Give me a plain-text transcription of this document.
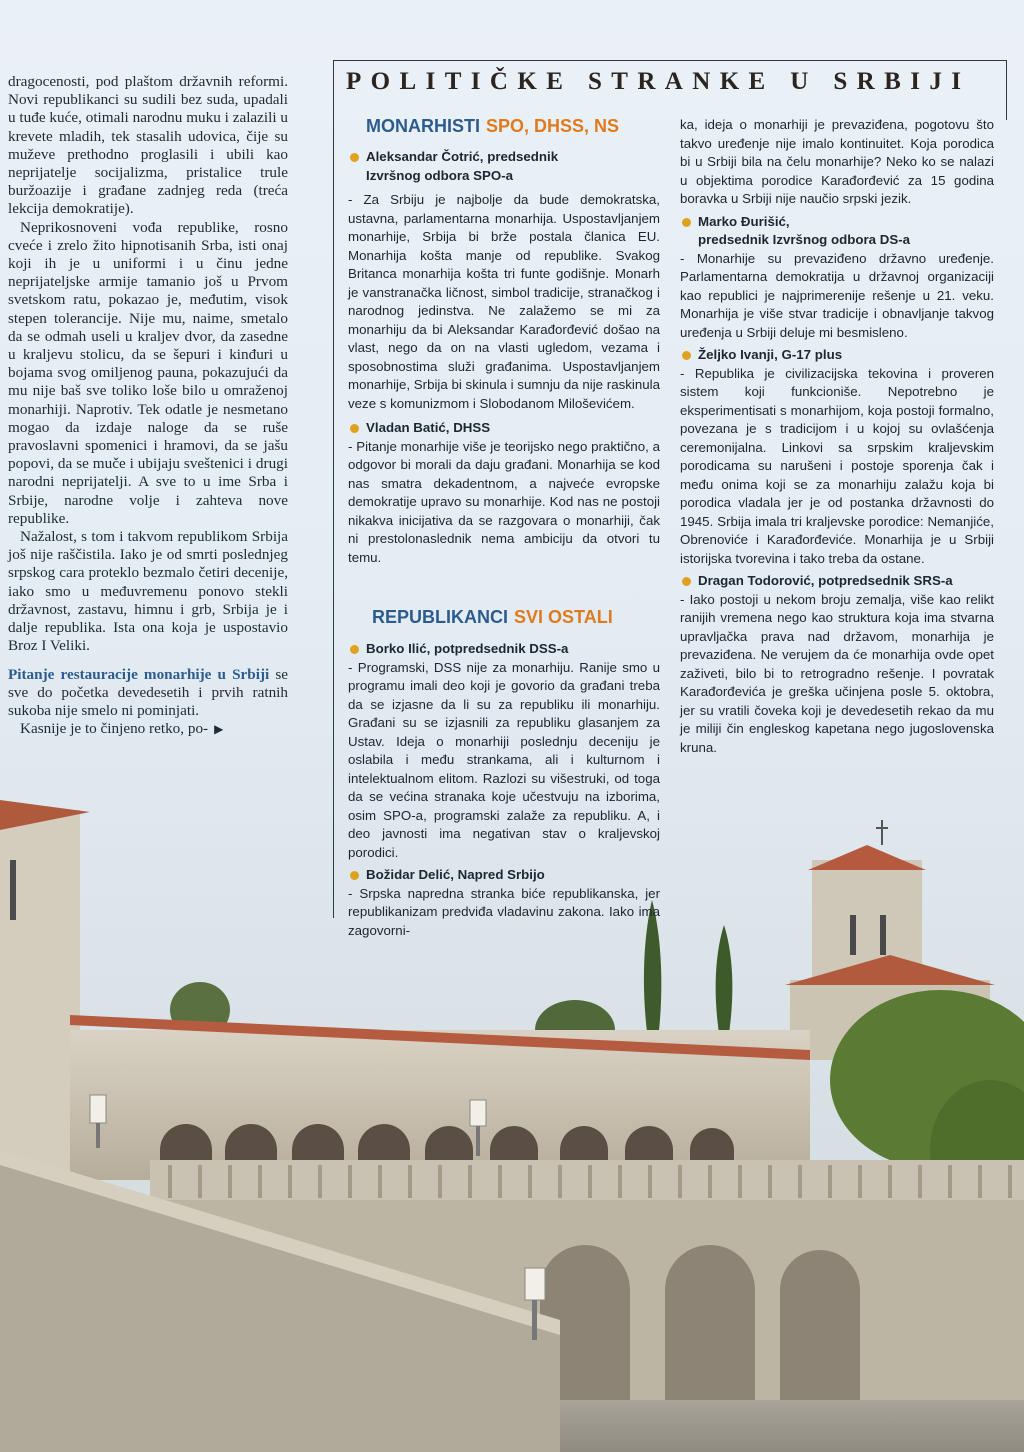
dragocenosti, pod plaštom državnih reformi. Novi republikanci su sudili bez suda, upadali u tuđe kuće, otimali narodnu muku i zalazili u krevete mladih, tek stasalih udovica, čije su muževe prethodno proglasili i ubili kao neprijatelje socijalizma, pristalice trule buržoazije i građane zadnjeg reda (treća lekcija demokratije).

Neprikosnoveni vođa republike, rosno cveće i zrelo žito hipnotisanih Srba, isti onaj koji ih je u uniformi i u činu jedne neprijateljske armije tamanio još u Prvom svetskom ratu, pokazao je, međutim, visok stepen tolerancije. Nije mu, naime, smetalo da se odmah useli u kraljev dvor, da zasedne u kraljevu stolicu, da se šepuri i kinđuri u bojama svog omiljenog pauna, pokazujući da mu nije baš sve toliko loše bilo u omraženoj monarhiji. Naprotiv. Tek odatle je nesmetano mogao da izdaje naloge da se ruše pravoslavni spomenici i hramovi, da se jašu popovi, da se muče i ubijaju sveštenici i drugi narodni neprijatelji. A sve to u ime Srba i Srbije, narodne volje i zahteva nove republike.

Nažalost, s tom i takvom republikom Srbija još nije raščistila. Iako je od smrti poslednjeg srpskog cara proteklo bezmalo četiri decenije, iako smo u međuvremenu ponovo stekli državnost, zastavu, himnu i grb, Srbija je i dalje republika. Ista ona koja je uspostavio Broz I Veliki.

Pitanje restauracije monarhije u Srbiji se sve do početka devedesetih i prvih ratnih sukoba nije smelo ni pominjati.

Kasnije je to činjeno retko, po- ▶

POLITIČKE STRANKE U SRBIJI
MONARHISTI SPO, DHSS, NS

Aleksandar Čotrić, predsednik
Izvršnog odbora SPO-a

- Za Srbiju je najbolje da bude demokratska, ustavna, parlamentarna monarhija. Uspostavljanjem monarhije, Srbija bi brže postala članica EU. Monarhija košta manje od republike. Svakog Britanca monarhija košta tri funte godišnje. Monarh je vanstranačka ličnost, simbol tradicije, stranačkog i narodnog jedinstva. Ne zalažemo se mi za monarhiju da bi Aleksandar Karađorđević došao na vlast, nego da on na vlasti ugledom, vezama i sposobnostima služi građanima. Uspostavljanjem monarhije, Srbija bi skinula i sumnju da nije raskinula veze s komunizmom i Slobodanom Miloševićem.

Vladan Batić, DHSS

- Pitanje monarhije više je teorijsko nego praktično, a odgovor bi morali da daju građani. Monarhija se kod nas smatra dekadentnom, a najveće evropske demokratije upravo su monarhije. Kod nas ne postoji nikakva inicijativa da se razgovara o monarhiji, čak ni prestolonaslednik nema ambiciju da otvori tu temu.

REPUBLIKANCI SVI OSTALI

Borko Ilić, potpredsednik DSS-a

- Programski, DSS nije za monarhiju. Ranije smo u programu imali deo koji je govorio da građani treba da se izjasne da li su za republiku ili monarhiju. Građani su se izjasnili za republiku glasanjem za Ustav. Ideja o monarhiji poslednju deceniju je oslabila i među strankama, ali i kulturnom i intelektualnom elitom. Razlozi su višestruki, od toga da se većina stranaka koje učestvuju na izborima, osim SPO-a, programski zalaže za republiku. A, i deo javnosti ima negativan stav o kraljevskoj porodici.

Božidar Delić, Napred Srbijo

- Srpska napredna stranka biće republikanska, jer republikanizam predviđa vladavinu zakona. Iako ima zagovorni-

ka, ideja o monarhiji je prevaziđena, pogotovu što takvo uređenje nije imalo kontinuitet. Koja porodica bi u Srbiji bila na čelu monarhije? Neko ko se nalazi u objektima porodice Karađorđević za 15 godina boravka u Srbiji nije naučio srpski jezik.

Marko Đurišić,
predsednik Izvršnog odbora DS-a

- Monarhije su prevaziđeno državno uređenje. Parlamentarna demokratija u državnoj organizaciji kao republici je najprimerenije rešenje u 21. veku. Monarhija je više stvar tradicije i obnavljanje takvog uređenja u Srbiji deluje mi besmisleno.

Željko Ivanji, G-17 plus

- Republika je civilizacijska tekovina i proveren sistem koji funkcioniše. Nepotrebno je eksperimentisati s monarhijom, koja postoji formalno, povezana je s tradicijom i u kojoj su ovlašćenja ceremonijalna. Linkovi sa srpskim kraljevskim porodicama su narušeni i postoje sporenja čak i među onima koji se za monarhiju zalažu koja bi porodica vladala jer je od postanka državnosti do 1945. Srbija imala tri kraljevske porodice: Nemanjiće, Obrenoviće i Karađorđeviće. Monarhija je u Srbiji istorijska tvorevina i tako treba da ostane.

Dragan Todorović, potpredsednik SRS-a

- Iako postoji u nekom broju zemalja, više kao relikt ranijih vremena nego kao struktura koja ima stvarna upravljačka prava nad državom, monarhija je prevaziđena. Ne verujem da će monarhija ovde opet zaživeti, bilo bi to retrogradno rešenje. I povratak Karađorđevića je greška učinjena posle 5. oktobra, jer su vratili čoveka koji je devedesetih rekao da mu je miliji čin engleskog kapetana nego jugoslovenska kruna.
